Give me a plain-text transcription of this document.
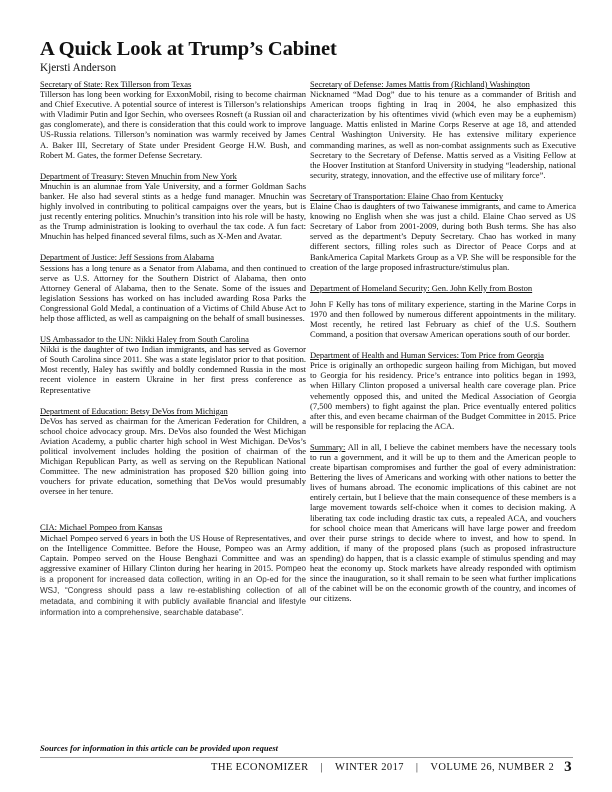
A Quick Look at Trump’s Cabinet
Kjersti Anderson
Secretary of State: Rex Tillerson from Texas

Tillerson has long been working for ExxonMobil, rising to become chairman and Chief Executive. A potential source of interest is Tillerson’s relationships with Vladimir Putin and Igor Sechin, who oversees Rosneft (a Russian oil and gas conglomerate), and there is consideration that this could work to improve US-Russia relations. Tillerson’s nomination was warmly received by James A. Baker III, Secretary of State under President George H.W. Bush, and Robert M. Gates, the former Defense Secretary.

Department of Treasury: Steven Mnuchin from New York

Mnuchin is an alumnae from Yale University, and a former Goldman Sachs banker. He also had several stints as a hedge fund manager. Mnuchin was highly involved in contributing to political campaigns over the years, but is just recently entering politics. Mnuchin’s transition into his role will be hasty, as the Trump administration is looking to overhaul the tax code. A fun fact: Mnuchin has helped financed several films, such as X-Men and Avatar.

Department of Justice: Jeff Sessions from Alabama

Sessions has a long tenure as a Senator from Alabama, and then continued to serve as U.S. Attorney for the Southern District of Alabama, then onto Attorney General of Alabama, then to the Senate. Some of the issues and legislation Sessions has worked on has included awarding Rosa Parks the Congressional Gold Medal, a continuation of a Victims of Child Abuse Act to help those afflicted, as well as campaigning on the behalf of small businesses.

US Ambassador to the UN: Nikki Haley from South Carolina

Nikki is the daughter of two Indian immigrants, and has served as Governor of South Carolina since 2011. She was a state legislator prior to that position. Most recently, Haley has swiftly and boldly condemned Russia in the most recent violence in eastern Ukraine in her first press conference as Representative

Department of Education: Betsy DeVos from Michigan

DeVos has served as chairman for the American Federation for Children, a school choice advocacy group. Mrs. DeVos also founded the West Michigan Aviation Academy, a public charter high school in West Michigan. DeVos’s political involvement includes holding the position of chairman of the Michigan Republican Party, as well as serving on the Republican National Committee. The new administration has proposed $20 billion going into vouchers for private education, something that DeVos would presumably oversee in her tenure.

CIA: Michael Pompeo from Kansas

Michael Pompeo served 6 years in both the US House of Representatives, and on the Intelligence Committee. Before the House, Pompeo was an Army Captain. Pompeo served on the House Benghazi Committee and was an aggressive examiner of Hillary Clinton during her hearing in 2015. Pompeo is a proponent for increased data collection, writing in an Op-ed for the WSJ, “Congress should pass a law re-establishing collection of all metadata, and combining it with publicly available financial and lifestyle information into a comprehensive, searchable database”.

Secretary of Defense: James Mattis from (Richland) Washington

Nicknamed “Mad Dog” due to his tenure as a commander of British and American troops fighting in Iraq in 2004, he also emphasized this characterization by his oftentimes vivid (which even may be a euphemism) language. Mattis enlisted in Marine Corps Reserve at age 18, and attended Central Washington University. He has extensive military experience commanding marines, as well as non-combat assignments such as Executive Secretary to the Secretary of Defense. Mattis served as a Visiting Fellow at the Hoover Institution at Stanford University in studying “leadership, national security, strategy, innovation, and the effective use of military force”.

Secretary of Transportation: Elaine Chao from Kentucky

Elaine Chao is daughters of two Taiwanese immigrants, and came to America knowing no English when she was just a child. Elaine Chao served as US Secretary of Labor from 2001-2009, during both Bush terms. She has also served as the department’s Deputy Secretary. Chao has worked in many different sectors, filling roles such as Director of Peace Corps and at BankAmerica Capital Markets Group as a VP. She will be responsible for the creation of the large proposed infrastructure/stimulus plan.

Department of Homeland Security: Gen. John Kelly from Boston

John F Kelly has tons of military experience, starting in the Marine Corps in 1970 and then followed by numerous different appointments in the military. Most recently, he retired last February as chief of the U.S. Southern Command, a position that oversaw American operations south of our border.

Department of Health and Human Services: Tom Price from Georgia

Price is originally an orthopedic surgeon hailing from Michigan, but moved to Georgia for his residency. Price’s entrance into politics began in 1993, when Hillary Clinton proposed a universal health care coverage plan. Price vehemently opposed this, and united the Medical Association of Georgia (7,500 members) to fight against the plan. Price eventually entered politics after this, and even became chairman of the Budget Committee in 2015. Price will be responsible for replacing the ACA.

Summary: All in all, I believe the cabinet members have the necessary tools to run a government, and it will be up to them and the American people to create bipartisan compromises and further the goal of every administration: Bettering the lives of Americans and working with other nations to better the lives of humans abroad. The economic implications of this cabinet are not entirely certain, but I believe that the main consequence of these members is a large movement towards self-choice when it comes to decision making. A liberating tax code including drastic tax cuts, a repealed ACA, and vouchers for school choice mean that Americans will have large power and freedom over their purse strings to decide where to invest, and how to spend. In addition, if many of the proposed plans (such as proposed infrastructure spending) do happen, that is a classic example of stimulus spending and may heat the economy up. Stock markets have already responded with optimism since the inauguration, so it shall remain to be seen what further implications of the cabinet will be on the economic growth of the country, and incomes of our citizens.

Sources for information in this article can be provided upon request

THE ECONOMIZER | WINTER 2017 | VOLUME 26, NUMBER 2 3
